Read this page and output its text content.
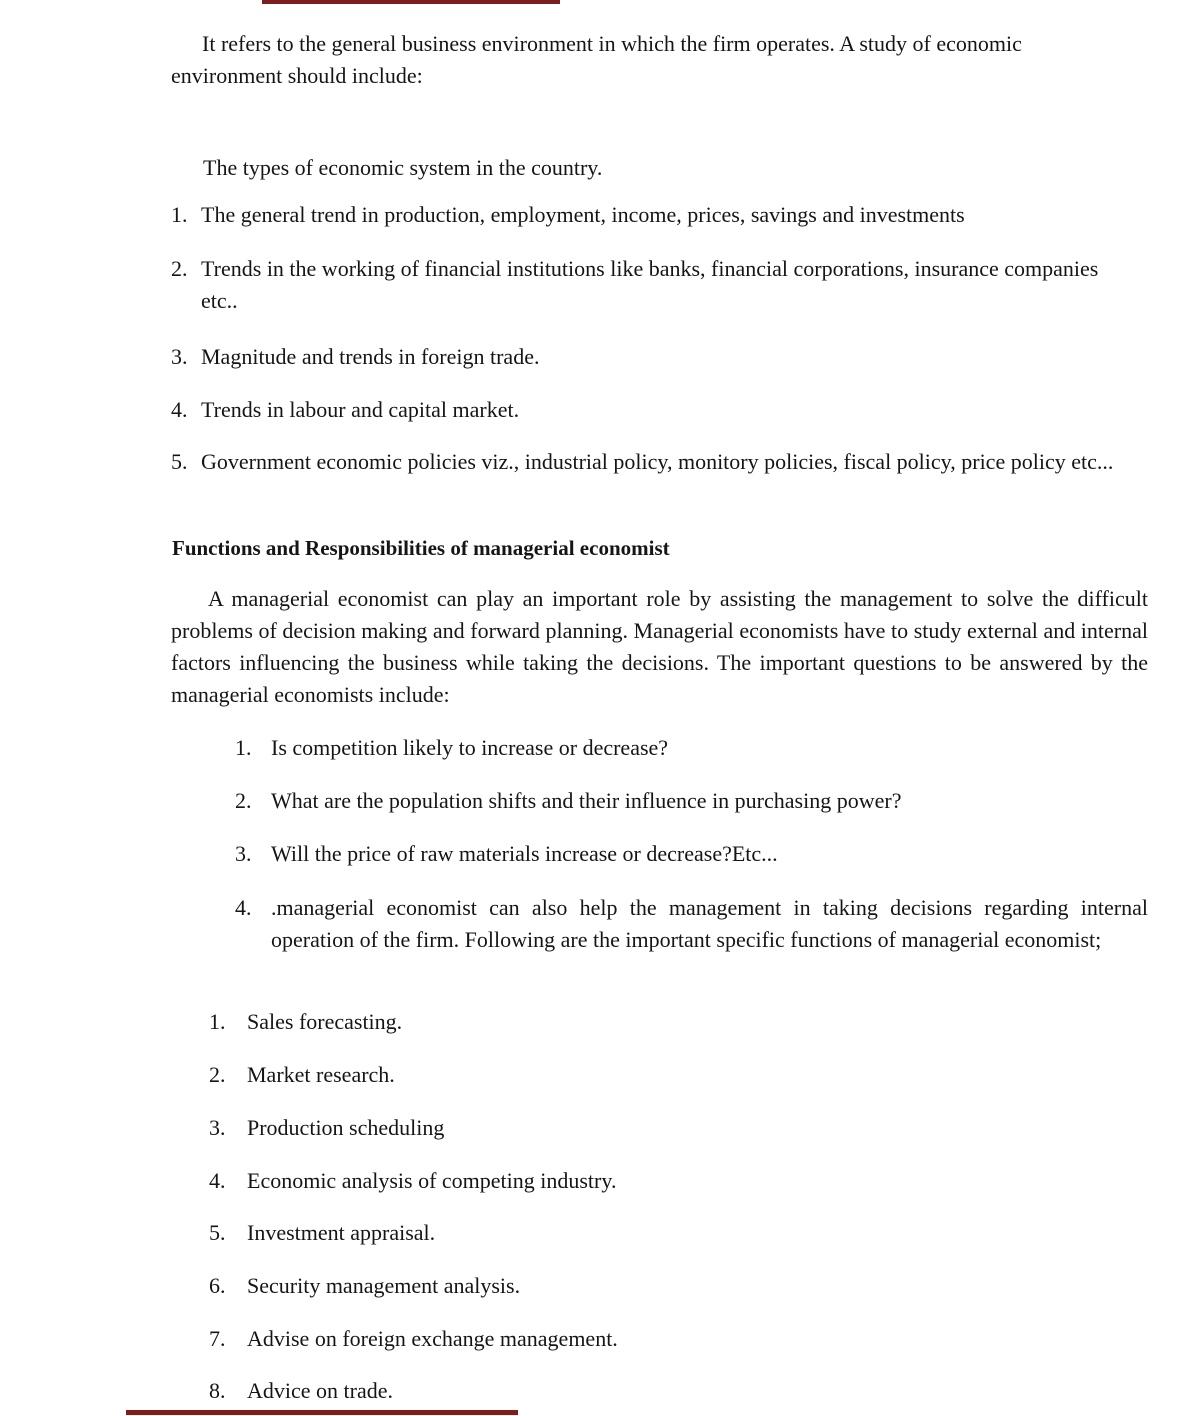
It refers to the general business environment in which the firm operates. A study of economic environment should include:

The types of economic system in the country.

1. The general trend in production, employment, income, prices, savings and investments
2. Trends in the working of financial institutions like banks, financial corporations, insurance companies etc..
3. Magnitude and trends in foreign trade.
4. Trends in labour and capital market.
5. Government economic policies viz., industrial policy, monitory policies, fiscal policy, price policy etc...

Functions and Responsibilities of managerial economist

A managerial economist can play an important role by assisting the management to solve the difficult problems of decision making and forward planning. Managerial economists have to study external and internal factors influencing the business while taking the decisions. The important questions to be answered by the managerial economists include:

1. Is competition likely to increase or decrease?
2. What are the population shifts and their influence in purchasing power?
3. Will the price of raw materials increase or decrease?Etc...
4. .managerial economist can also help the management in taking decisions regarding internal operation of the firm. Following are the important specific functions of managerial economist;
1. Sales forecasting.
2. Market research.
3. Production scheduling
4. Economic analysis of competing industry.
5. Investment appraisal.
6. Security management analysis.
7. Advise on foreign exchange management.
8. Advice on trade.
